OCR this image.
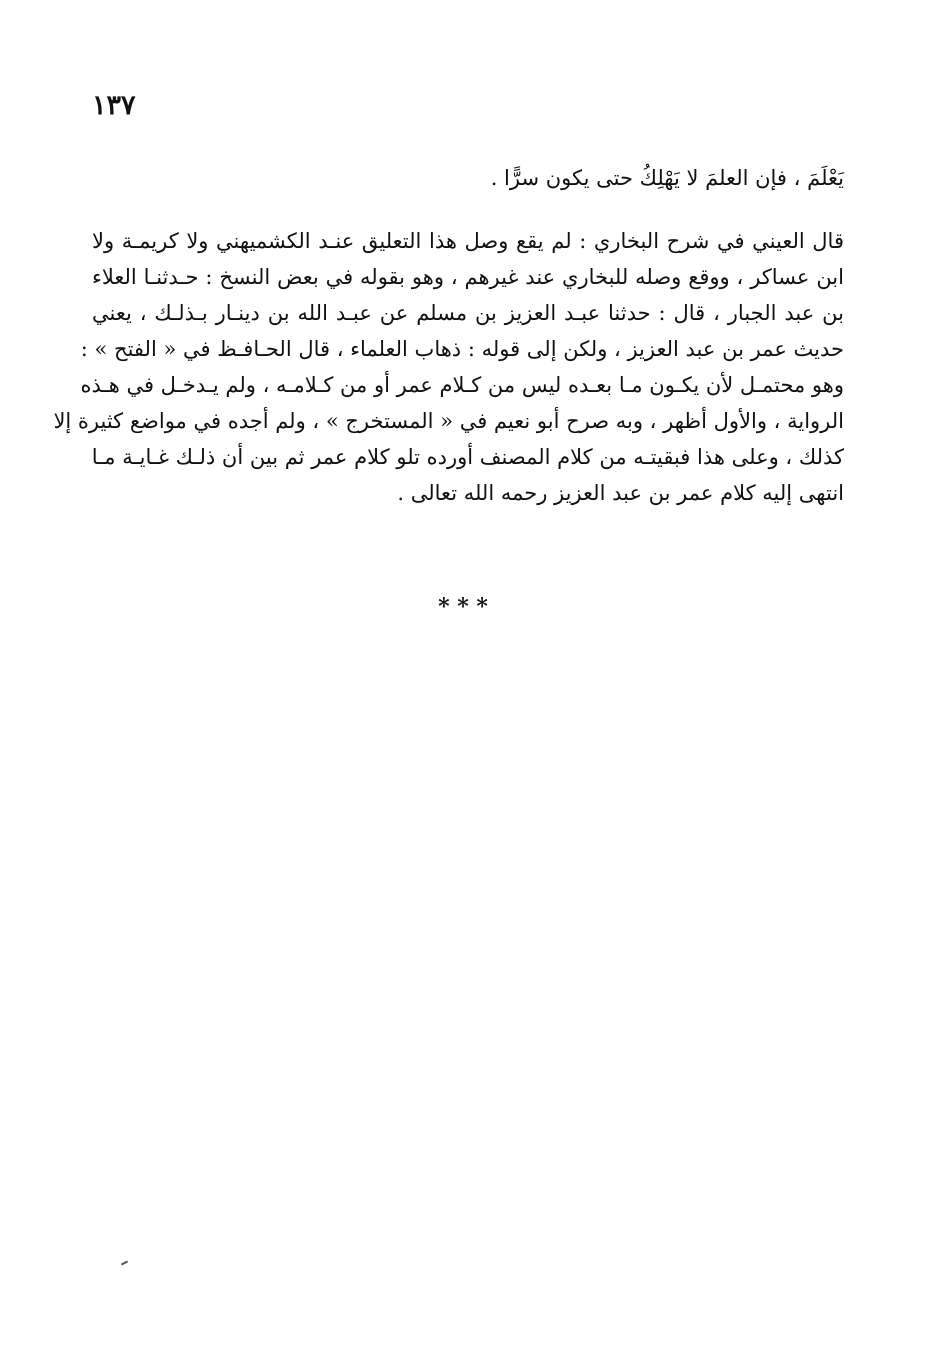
١٣٧
يَعْلَمَ ، فإن العلمَ لا يَهْلِكُ حتى يكون سرًّا .
قال العيني في شرح البخاري : لم يقع وصل هذا التعليق عنـد الكشميهني ولا كريمـة ولا
ابن عساكر ، ووقع وصله للبخاري عند غيرهم ، وهو بقوله في بعض النسخ : حـدثنـا العلاء
بن عبد الجبار ، قال : حدثنا عبـد العزيز بن مسلم عن عبـد الله بن دينـار بـذلـك ، يعني
حديث عمر بن عبد العزيز ، ولكن إلى قوله : ذهاب العلماء ، قال الحـافـظ في « الفتح » :
وهو محتمـل لأن يكـون مـا بعـده ليس من كـلام عمر أو من كـلامـه ، ولم يـدخـل في هـذه
الرواية ، والأول أظهر ، وبه صرح أبو نعيم في « المستخرج » ، ولم أجده في مواضع كثيرة إلا
كذلك ، وعلى هذا فبقيتـه من كلام المصنف أورده تلو كلام عمر ثم بين أن ذلـك غـايـة مـا
انتهى إليه كلام عمر بن عبد العزيز رحمه الله تعالى .
* * *
